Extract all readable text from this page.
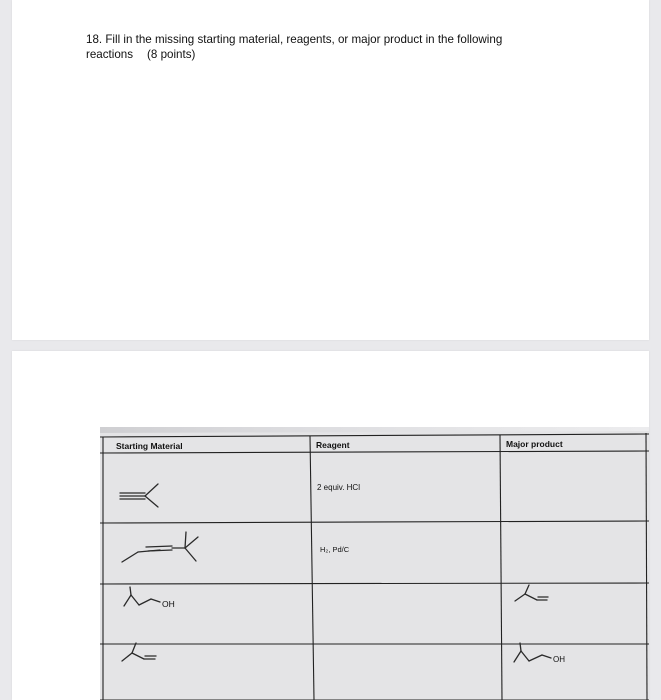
18. Fill in the missing starting material, reagents, or major product in the following
reactions (8 points)
Starting Material	Reagent	Major product
2 equiv. HCl
H₂, Pd/C
OH
OH
